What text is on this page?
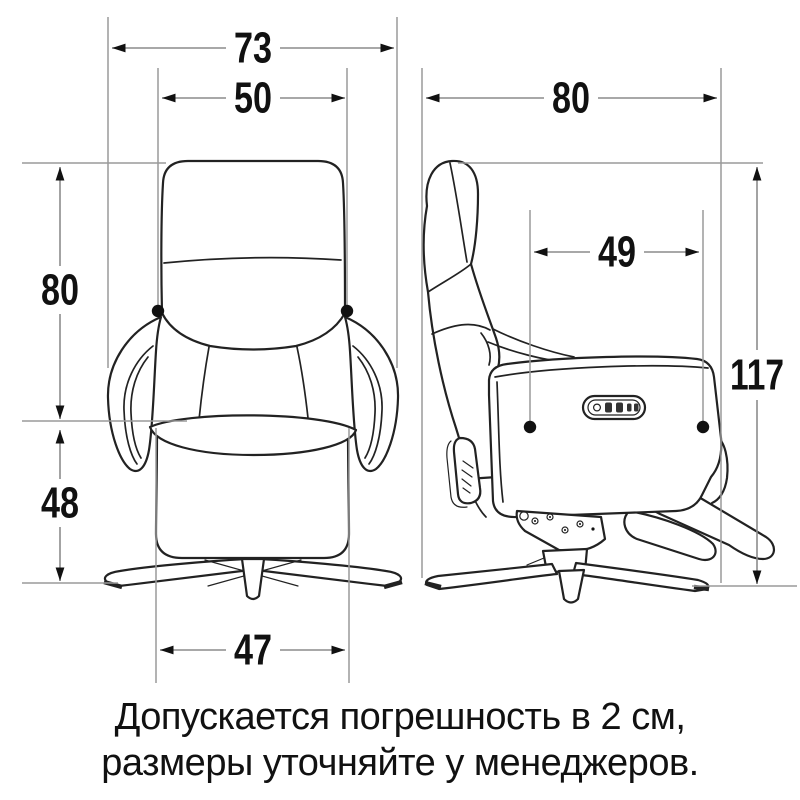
73
50
80
48
47
80
49
117
Допускается погрешность в 2 см,
размеры уточняйте у менеджеров.
